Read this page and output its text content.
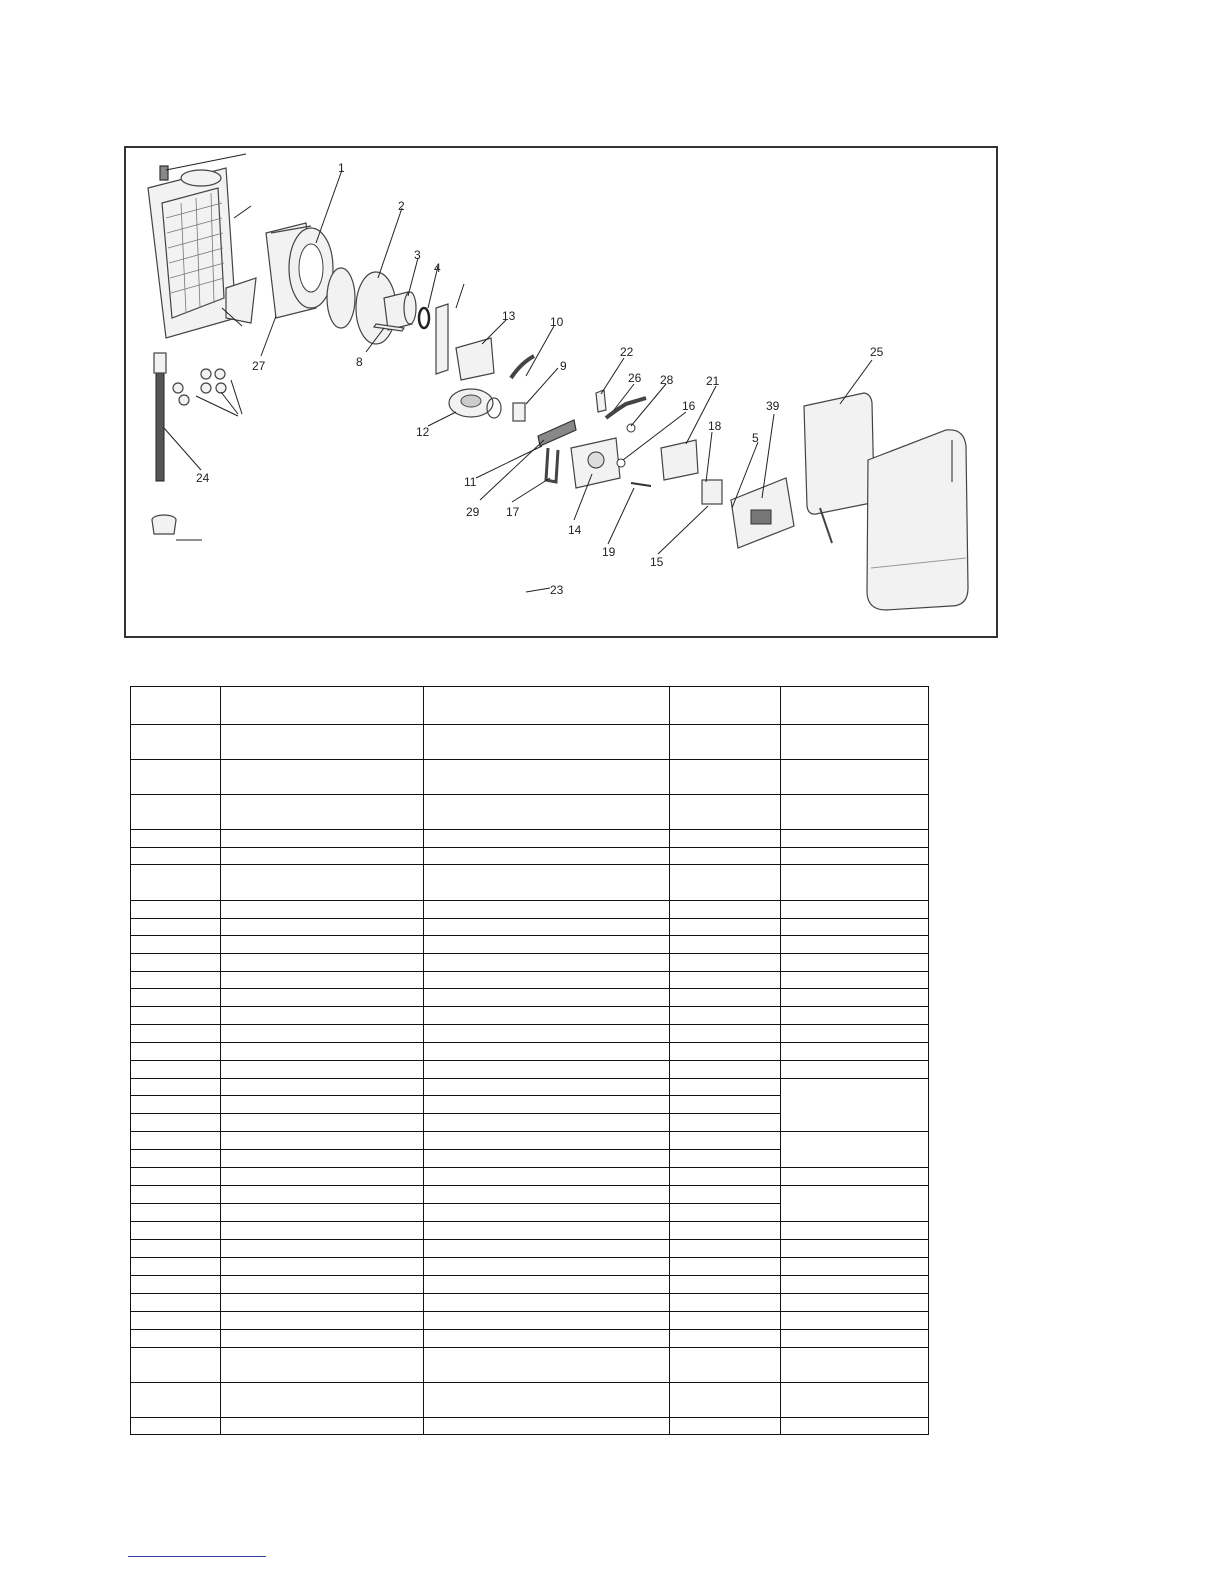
1
2
3
4
8
27
13	10
9
12
22
26 28	21
16
18
11
29 17
14
19
15
24
23
25
39
5
